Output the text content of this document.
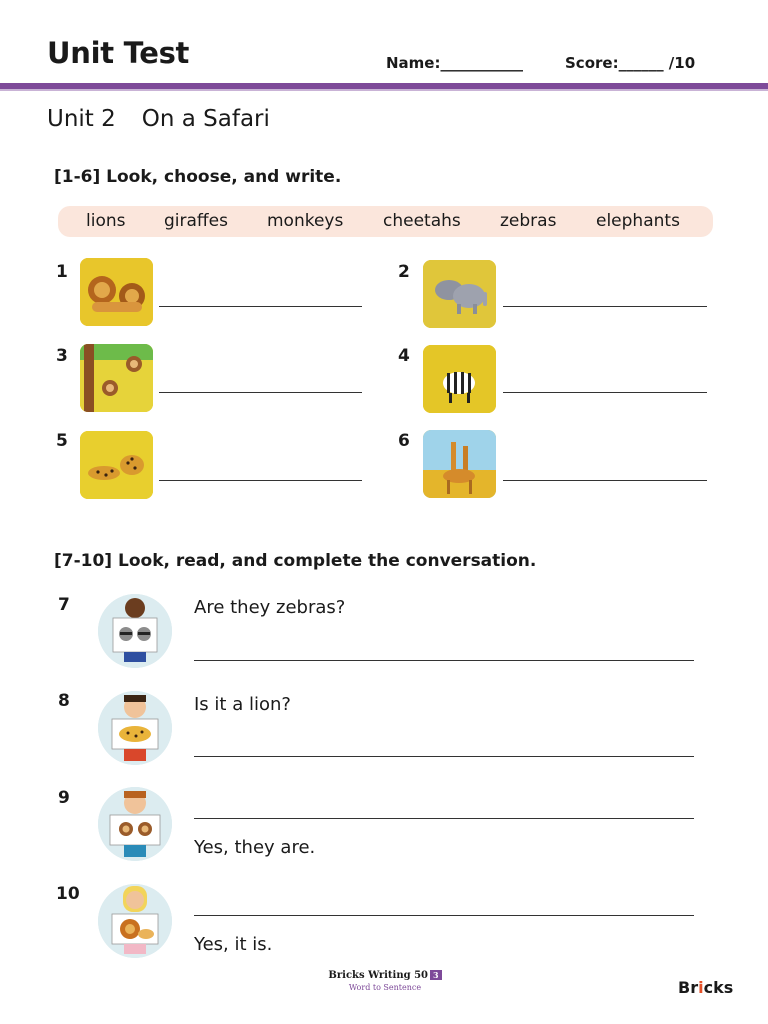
Unit Test	Name:___________	Score:______ /10
Unit 2 On a Safari
[1-6] Look, choose, and write.
lions giraffes monkeys cheetahs zebras elephants
1	2
3	4
5	6
[7-10] Look, read, and complete the conversation.
7	Are they zebras?
8	Is it a lion?
9
Yes, they are.
10
Yes, it is.
Bricks Writing 50 3
Word to Sentence	Bricks
